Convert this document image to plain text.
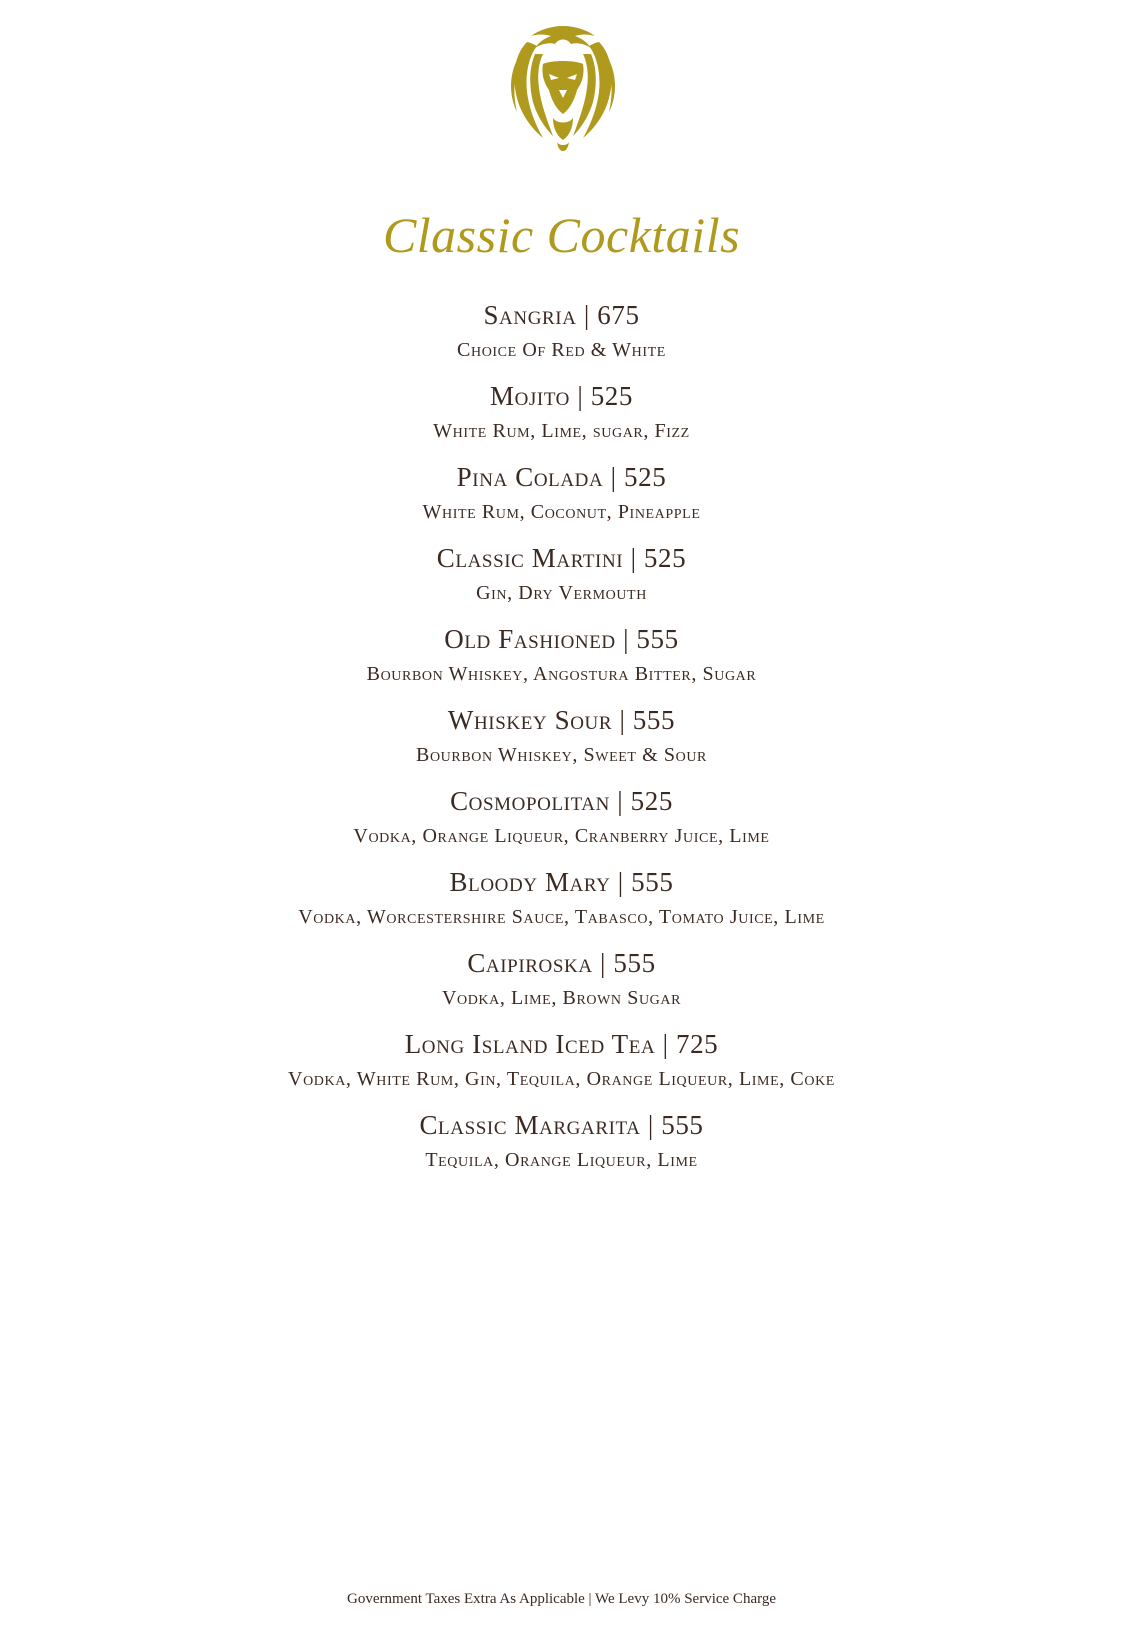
Classic Cocktails
Sangria | 675
Choice Of Red & White
Mojito | 525
White Rum, Lime, sugar, Fizz
Pina Colada | 525
White Rum, Coconut, Pineapple
Classic Martini | 525
Gin, Dry Vermouth
Old Fashioned | 555
Bourbon Whiskey, Angostura Bitter, Sugar
Whiskey Sour | 555
Bourbon Whiskey, Sweet & Sour
Cosmopolitan | 525
Vodka, Orange Liqueur, Cranberry Juice, Lime
Bloody Mary | 555
Vodka, Worcestershire Sauce, Tabasco, Tomato Juice, Lime
Caipiroska | 555
Vodka, Lime, Brown Sugar
Long Island Iced Tea | 725
Vodka, White Rum, Gin, Tequila, Orange Liqueur, Lime, Coke
Classic Margarita | 555
Tequila, Orange Liqueur, Lime
Government Taxes Extra As Applicable | We Levy 10% Service Charge
